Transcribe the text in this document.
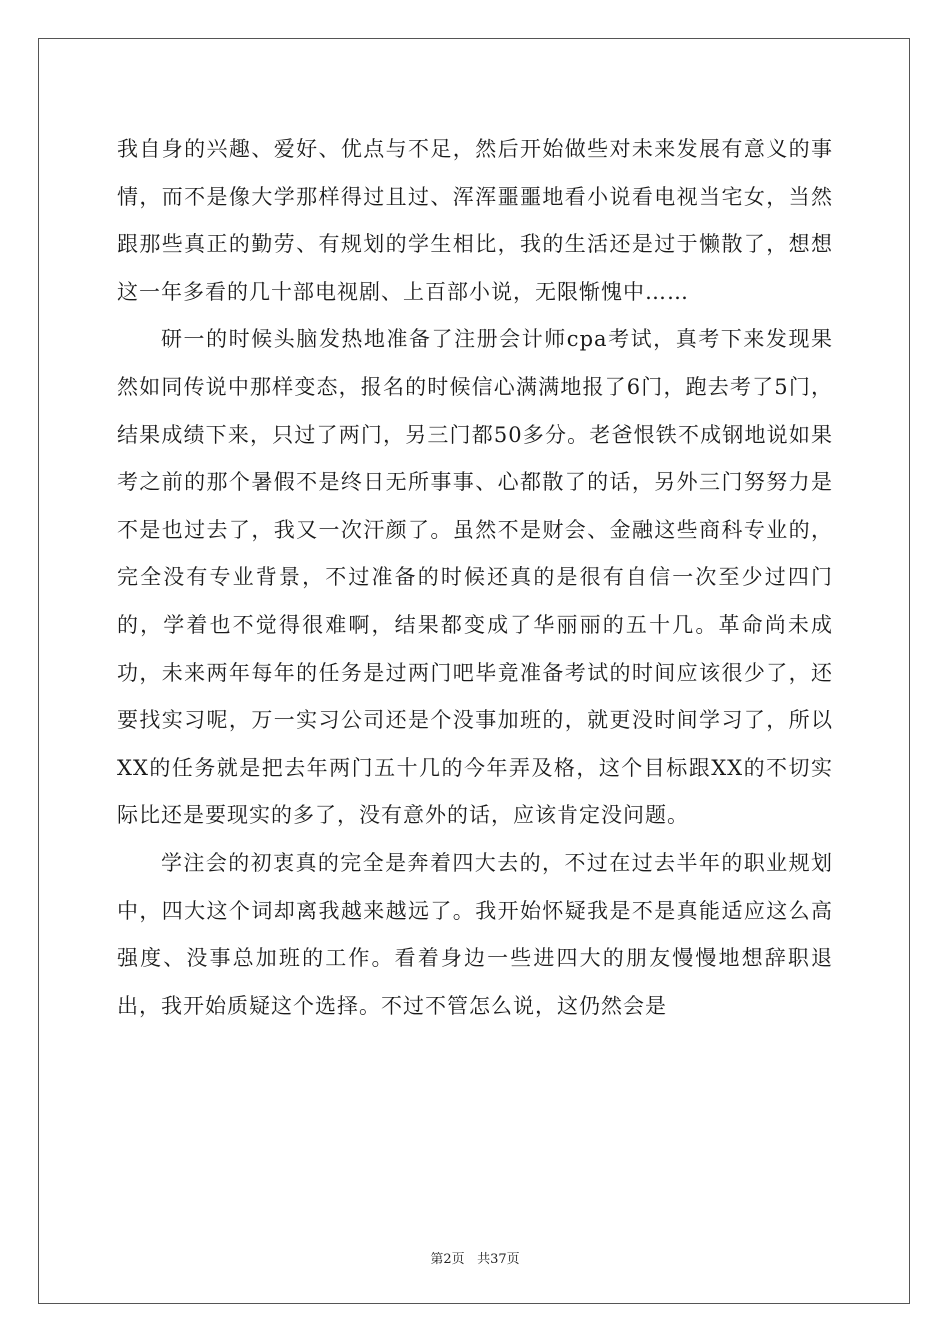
我自身的兴趣、爱好、优点与不足，然后开始做些对未来发展有意义的事情，而不是像大学那样得过且过、浑浑噩噩地看小说看电视当宅女，当然跟那些真正的勤劳、有规划的学生相比，我的生活还是过于懒散了，想想这一年多看的几十部电视剧、上百部小说，无限惭愧中……

研一的时候头脑发热地准备了注册会计师cpa考试，真考下来发现果然如同传说中那样变态，报名的时候信心满满地报了6门，跑去考了5门，结果成绩下来，只过了两门，另三门都50多分。老爸恨铁不成钢地说如果考之前的那个暑假不是终日无所事事、心都散了的话，另外三门努努力是不是也过去了，我又一次汗颜了。虽然不是财会、金融这些商科专业的，完全没有专业背景，不过准备的时候还真的是很有自信一次至少过四门的，学着也不觉得很难啊，结果都变成了华丽丽的五十几。革命尚未成功，未来两年每年的任务是过两门吧毕竟准备考试的时间应该很少了，还要找实习呢，万一实习公司还是个没事加班的，就更没时间学习了，所以XX的任务就是把去年两门五十几的今年弄及格，这个目标跟XX的不切实际比还是要现实的多了，没有意外的话，应该肯定没问题。

学注会的初衷真的完全是奔着四大去的，不过在过去半年的职业规划中，四大这个词却离我越来越远了。我开始怀疑我是不是真能适应这么高强度、没事总加班的工作。看着身边一些进四大的朋友慢慢地想辞职退出，我开始质疑这个选择。不过不管怎么说，这仍然会是

第2页 共37页
